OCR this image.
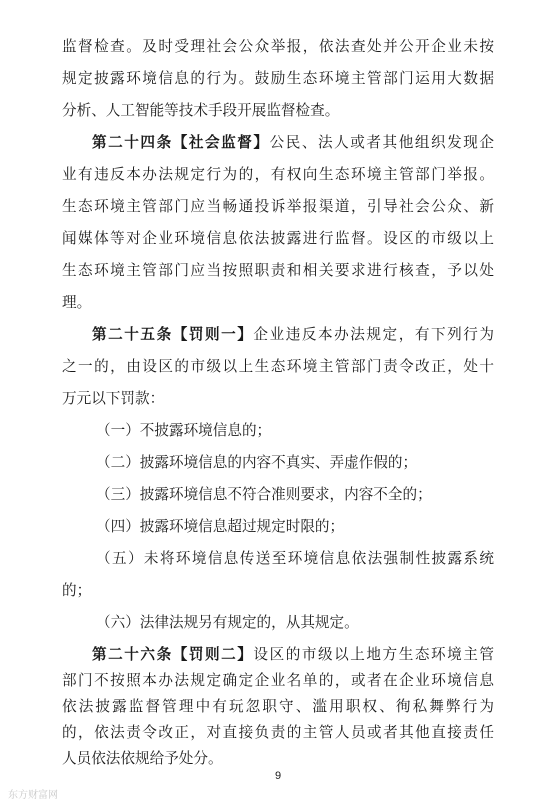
监督检查。及时受理社会公众举报，依法查处并公开企业未按
规定披露环境信息的行为。鼓励生态环境主管部门运用大数据
分析、人工智能等技术手段开展监督检查。
第二十四条【社会监督】公民、法人或者其他组织发现企
业有违反本办法规定行为的，有权向生态环境主管部门举报。
生态环境主管部门应当畅通投诉举报渠道，引导社会公众、新
闻媒体等对企业环境信息依法披露进行监督。设区的市级以上
生态环境主管部门应当按照职责和相关要求进行核查，予以处
理。
第二十五条【罚则一】企业违反本办法规定，有下列行为
之一的，由设区的市级以上生态环境主管部门责令改正，处十
万元以下罚款：
（一）不披露环境信息的；
（二）披露环境信息的内容不真实、弄虚作假的；
（三）披露环境信息不符合准则要求，内容不全的；
（四）披露环境信息超过规定时限的；
（五）未将环境信息传送至环境信息依法强制性披露系统
的；
（六）法律法规另有规定的，从其规定。
第二十六条【罚则二】设区的市级以上地方生态环境主管
部门不按照本办法规定确定企业名单的，或者在企业环境信息
依法披露监督管理中有玩忽职守、滥用职权、徇私舞弊行为
的，依法责令改正，对直接负责的主管人员或者其他直接责任
9
东方财富网
人员依法依规给予处分。
